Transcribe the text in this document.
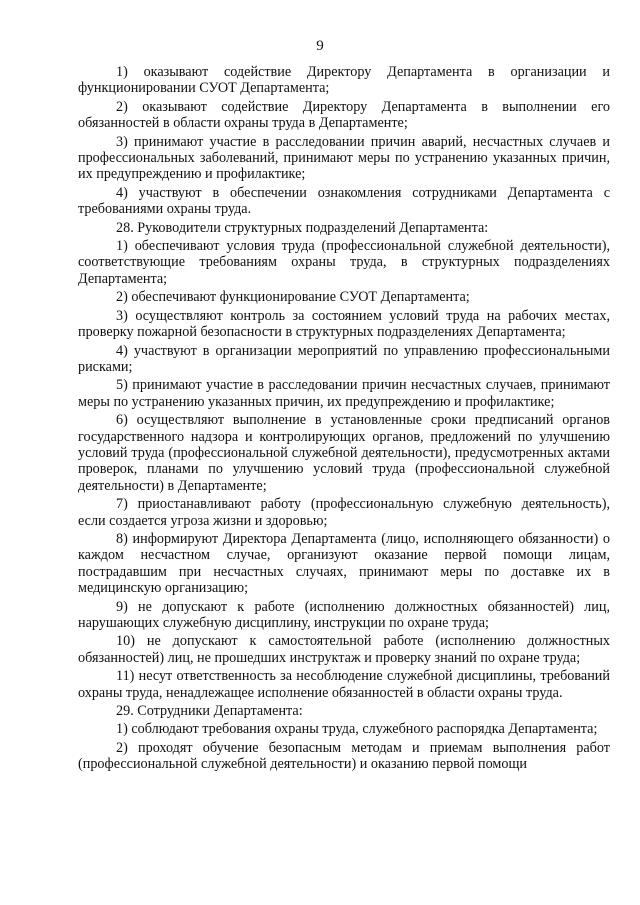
9

1) оказывают содействие Директору Департамента в организации и функционировании СУОТ Департамента;

2) оказывают содействие Директору Департамента в выполнении его обязанностей в области охраны труда в Департаменте;

3) принимают участие в расследовании причин аварий, несчастных случаев и профессиональных заболеваний, принимают меры по устранению указанных причин, их предупреждению и профилактике;

4) участвуют в обеспечении ознакомления сотрудниками Департамента с требованиями охраны труда.

28. Руководители структурных подразделений Департамента:

1) обеспечивают условия труда (профессиональной служебной деятельности), соответствующие требованиям охраны труда, в структурных подразделениях Департамента;

2) обеспечивают функционирование СУОТ Департамента;

3) осуществляют контроль за состоянием условий труда на рабочих местах, проверку пожарной безопасности в структурных подразделениях Департамента;

4) участвуют в организации мероприятий по управлению профессиональными рисками;

5) принимают участие в расследовании причин несчастных случаев, принимают меры по устранению указанных причин, их предупреждению и профилактике;

6) осуществляют выполнение в установленные сроки предписаний органов государственного надзора и контролирующих органов, предложений по улучшению условий труда (профессиональной служебной деятельности), предусмотренных актами проверок, планами по улучшению условий труда (профессиональной служебной деятельности) в Департаменте;

7) приостанавливают работу (профессиональную служебную деятельность), если создается угроза жизни и здоровью;

8) информируют Директора Департамента (лицо, исполняющего обязанности) о каждом несчастном случае, организуют оказание первой помощи лицам, пострадавшим при несчастных случаях, принимают меры по доставке их в медицинскую организацию;

9) не допускают к работе (исполнению должностных обязанностей) лиц, нарушающих служебную дисциплину, инструкции по охране труда;

10) не допускают к самостоятельной работе (исполнению должностных обязанностей) лиц, не прошедших инструктаж и проверку знаний по охране труда;

11) несут ответственность за несоблюдение служебной дисциплины, требований охраны труда, ненадлежащее исполнение обязанностей в области охраны труда.

29. Сотрудники Департамента:

1) соблюдают требования охраны труда, служебного распорядка Департамента;

2) проходят обучение безопасным методам и приемам выполнения работ (профессиональной служебной деятельности) и оказанию первой помощи
